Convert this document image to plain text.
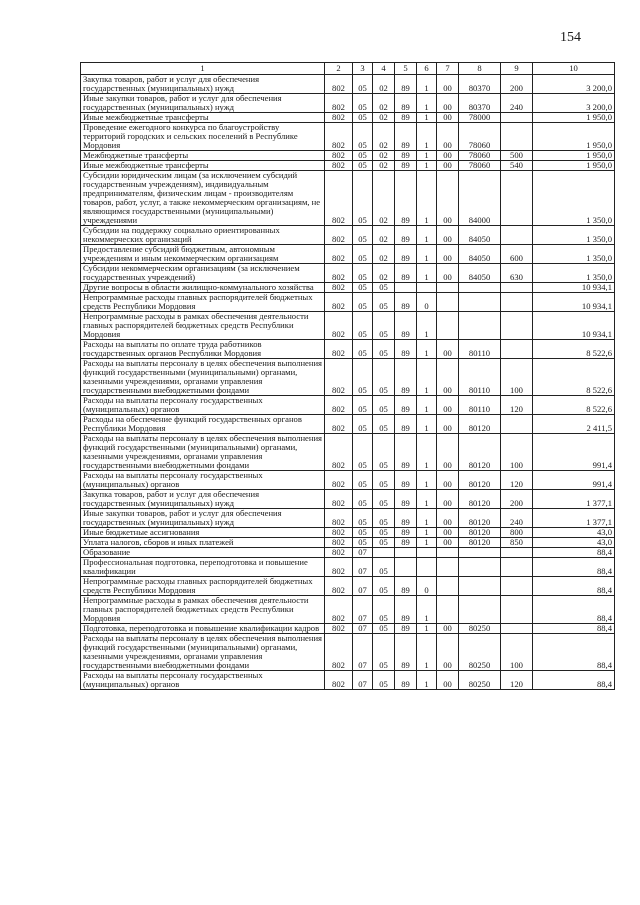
154
1	2	3	4	5	6	7	8	9	10
Закупка товаров, работ и услуг для обеспечения государственных (муниципальных) нужд	802	05	02	89	1	00	80370	200	3 200,0
Иные закупки товаров, работ и услуг для обеспечения государственных (муниципальных) нужд	802	05	02	89	1	00	80370	240	3 200,0
Иные межбюджетные трансферты	802	05	02	89	1	00	78000		1 950,0
Проведение ежегодного конкурса по благоустройству территорий городских и сельских поселений в Республике Мордовия	802	05	02	89	1	00	78060		1 950,0
Межбюджетные трансферты	802	05	02	89	1	00	78060	500	1 950,0
Иные межбюджетные трансферты	802	05	02	89	1	00	78060	540	1 950,0
Субсидии юридическим лицам (за исключением субсидий государственным учреждениям), индивидуальным предпринимателям, физическим лицам - производителям товаров, работ, услуг, а также некоммерческим организациям, не являющимся государственными (муниципальными) учреждениями	802	05	02	89	1	00	84000		1 350,0
Субсидии на поддержку социально ориентированных некоммерческих организаций	802	05	02	89	1	00	84050		1 350,0
Предоставление субсидий бюджетным, автономным учреждениям и иным некоммерческим организациям	802	05	02	89	1	00	84050	600	1 350,0
Субсидии некоммерческим организациям (за исключением государственных учреждений)	802	05	02	89	1	00	84050	630	1 350,0
Другие вопросы в области жилищно-коммунального хозяйства	802	05	05						10 934,1
Непрограммные расходы главных распорядителей бюджетных средств Республики Мордовия	802	05	05	89	0				10 934,1
Непрограммные расходы в рамках обеспечения деятельности главных распорядителей бюджетных средств Республики Мордовия	802	05	05	89	1				10 934,1
Расходы на выплаты по оплате труда работников государственных органов Республики Мордовия	802	05	05	89	1	00	80110		8 522,6
Расходы на выплаты персоналу в целях обеспечения выполнения функций государственными (муниципальными) органами, казенными учреждениями, органами управления государственными внебюджетными фондами	802	05	05	89	1	00	80110	100	8 522,6
Расходы на выплаты персоналу государственных (муниципальных) органов	802	05	05	89	1	00	80110	120	8 522,6
Расходы на обеспечение функций государственных органов Республики Мордовия	802	05	05	89	1	00	80120		2 411,5
Расходы на выплаты персоналу в целях обеспечения выполнения функций государственными (муниципальными) органами, казенными учреждениями, органами управления государственными внебюджетными фондами	802	05	05	89	1	00	80120	100	991,4
Расходы на выплаты персоналу государственных (муниципальных) органов	802	05	05	89	1	00	80120	120	991,4
Закупка товаров, работ и услуг для обеспечения государственных (муниципальных) нужд	802	05	05	89	1	00	80120	200	1 377,1
Иные закупки товаров, работ и услуг для обеспечения государственных (муниципальных) нужд	802	05	05	89	1	00	80120	240	1 377,1
Иные бюджетные ассигнования	802	05	05	89	1	00	80120	800	43,0
Уплата налогов, сборов и иных платежей	802	05	05	89	1	00	80120	850	43,0
Образование	802	07							88,4
Профессиональная подготовка, переподготовка и повышение квалификации	802	07	05						88,4
Непрограммные расходы главных распорядителей бюджетных средств Республики Мордовия	802	07	05	89	0				88,4
Непрограммные расходы в рамках обеспечения деятельности главных распорядителей бюджетных средств Республики Мордовия	802	07	05	89	1				88,4
Подготовка, переподготовка и повышение квалификации кадров	802	07	05	89	1	00	80250		88,4
Расходы на выплаты персоналу в целях обеспечения выполнения функций государственными (муниципальными) органами, казенными учреждениями, органами управления государственными внебюджетными фондами	802	07	05	89	1	00	80250	100	88,4
Расходы на выплаты персоналу государственных (муниципальных) органов	802	07	05	89	1	00	80250	120	88,4
